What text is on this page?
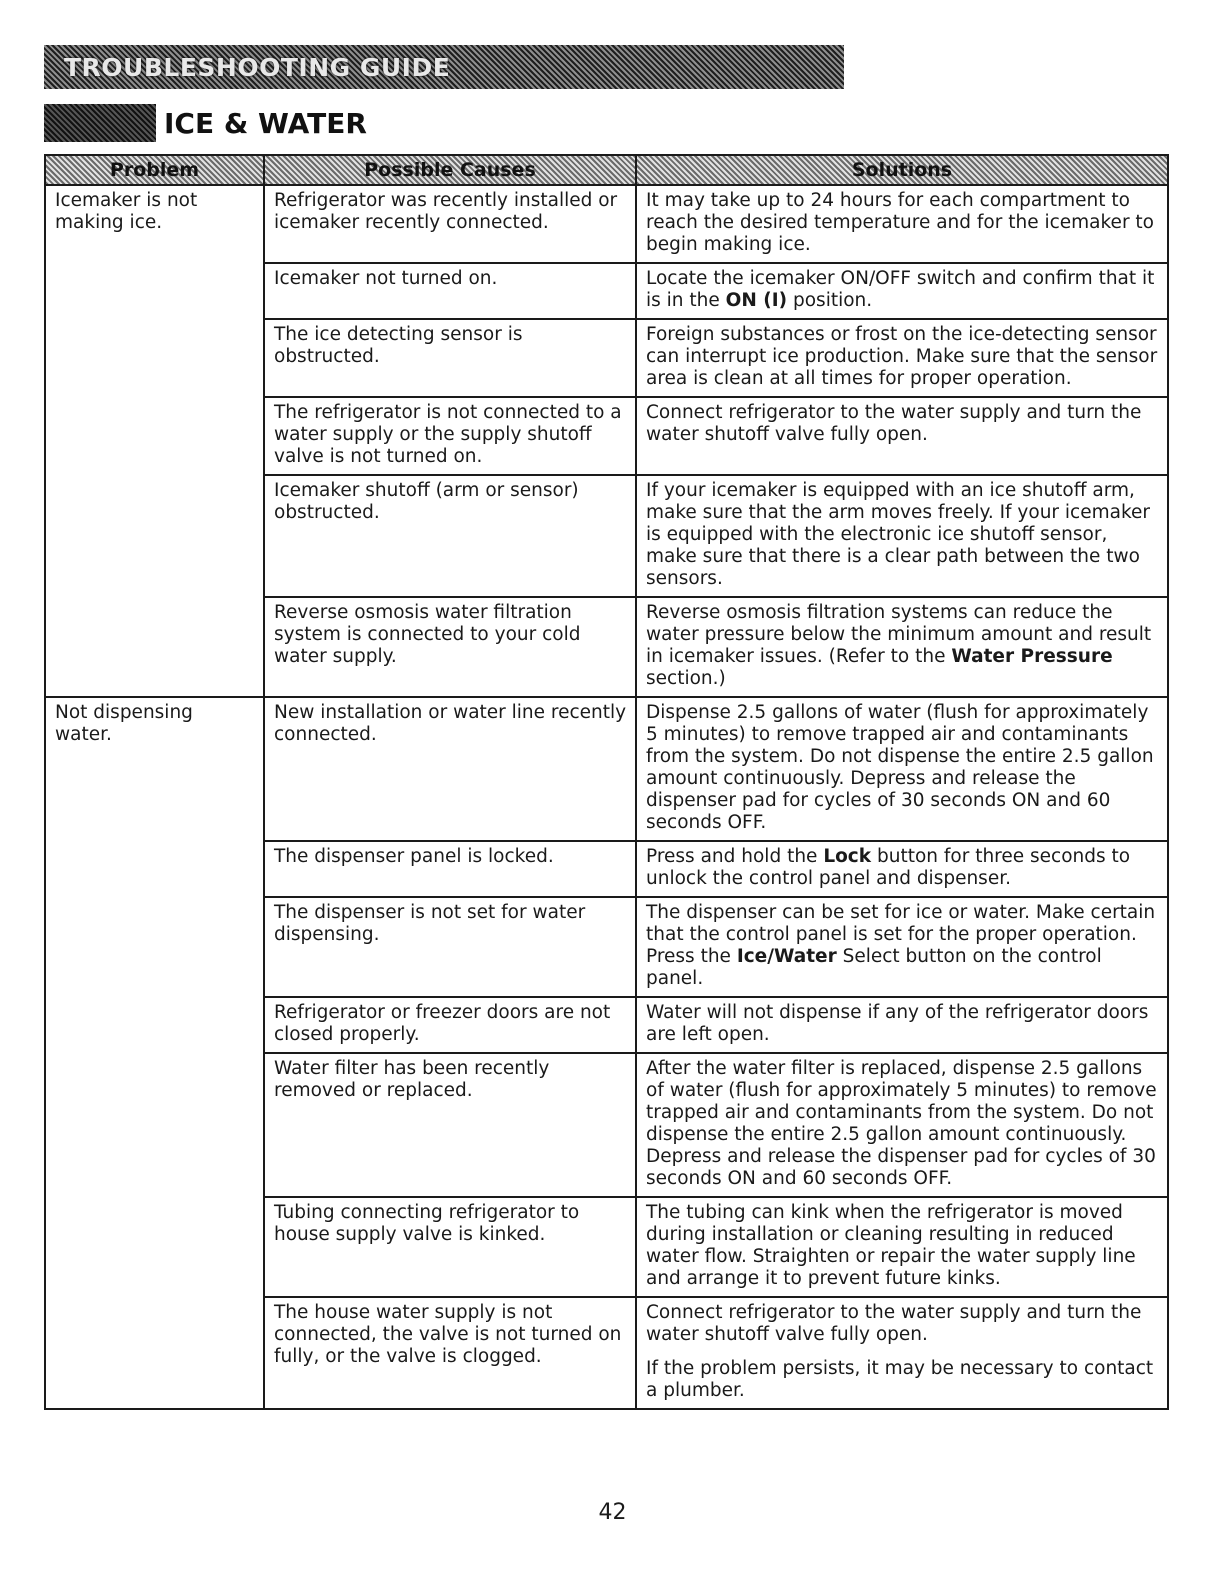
TROUBLESHOOTING GUIDE
ICE & WATER
Problem	Possible Causes	Solutions
Icemaker is not making ice.	Refrigerator was recently installed or icemaker recently connected.	It may take up to 24 hours for each compartment to reach the desired temperature and for the icemaker to begin making ice.
	Icemaker not turned on.	Locate the icemaker ON/OFF switch and confirm that it is in the ON (I) position.
	The ice detecting sensor is obstructed.	Foreign substances or frost on the ice-detecting sensor can interrupt ice production. Make sure that the sensor area is clean at all times for proper operation.
	The refrigerator is not connected to a water supply or the supply shutoff valve is not turned on.	Connect refrigerator to the water supply and turn the water shutoff valve fully open.
	Icemaker shutoff (arm or sensor) obstructed.	If your icemaker is equipped with an ice shutoff arm, make sure that the arm moves freely. If your icemaker is equipped with the electronic ice shutoff sensor, make sure that there is a clear path between the two sensors.
	Reverse osmosis water filtration system is connected to your cold water supply.	Reverse osmosis filtration systems can reduce the water pressure below the minimum amount and result in icemaker issues. (Refer to the Water Pressure section.)
Not dispensing water.	New installation or water line recently connected.	Dispense 2.5 gallons of water (flush for approximately 5 minutes) to remove trapped air and contaminants from the system. Do not dispense the entire 2.5 gallon amount continuously. Depress and release the dispenser pad for cycles of 30 seconds ON and 60 seconds OFF.
	The dispenser panel is locked.	Press and hold the Lock button for three seconds to unlock the control panel and dispenser.
	The dispenser is not set for water dispensing.	The dispenser can be set for ice or water. Make certain that the control panel is set for the proper operation. Press the Ice/Water Select button on the control panel.
	Refrigerator or freezer doors are not closed properly.	Water will not dispense if any of the refrigerator doors are left open.
	Water filter has been recently removed or replaced.	After the water filter is replaced, dispense 2.5 gallons of water (flush for approximately 5 minutes) to remove trapped air and contaminants from the system. Do not dispense the entire 2.5 gallon amount continuously. Depress and release the dispenser pad for cycles of 30 seconds ON and 60 seconds OFF.
	Tubing connecting refrigerator to house supply valve is kinked.	The tubing can kink when the refrigerator is moved during installation or cleaning resulting in reduced water flow. Straighten or repair the water supply line and arrange it to prevent future kinks.
	The house water supply is not connected, the valve is not turned on fully, or the valve is clogged.	Connect refrigerator to the water supply and turn the water shutoff valve fully open.
If the problem persists, it may be necessary to contact a plumber.
42
